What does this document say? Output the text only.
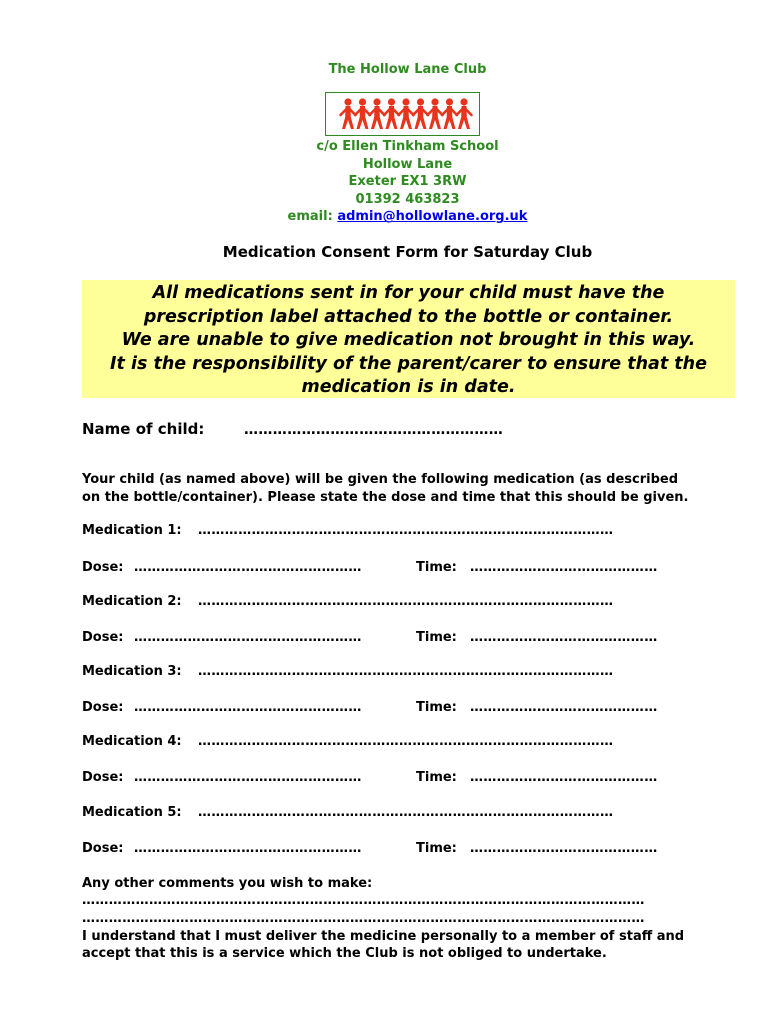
The Hollow Lane Club
c/o Ellen Tinkham School
Hollow Lane
Exeter EX1 3RW
01392 463823
email: admin@hollowlane.org.uk
Medication Consent Form for Saturday Club
All medications sent in for your child must have the
prescription label attached to the bottle or container.
We are unable to give medication not brought in this way.
It is the responsibility of the parent/carer to ensure that the
medication is in date.
Name of child:	………………………………………………
Your child (as named above) will be given the following medication (as described
on the bottle/container). Please state the dose and time that this should be given.
Medication 1: …………………………………………………………………………………
Dose: ……………………………………………	Time: ……………………………………
Medication 2: …………………………………………………………………………………
Dose: ……………………………………………	Time: ……………………………………
Medication 3: …………………………………………………………………………………
Dose: ……………………………………………	Time: ……………………………………
Medication 4: …………………………………………………………………………………
Dose: ……………………………………………	Time: ……………………………………
Medication 5: …………………………………………………………………………………
Dose: ……………………………………………	Time: ……………………………………
Any other comments you wish to make:
………………………………………………………………………………………………………………
………………………………………………………………………………………………………………
I understand that I must deliver the medicine personally to a member of staff and
accept that this is a service which the Club is not obliged to undertake.
